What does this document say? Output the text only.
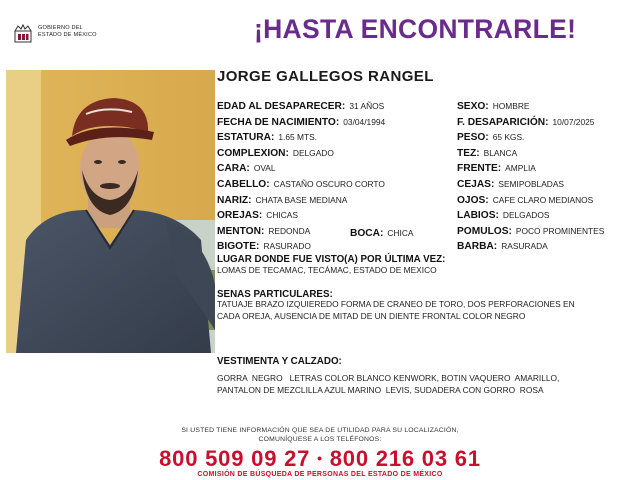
GOBIERNO DEL
ESTADO DE MÉXICO	¡HASTA ENCONTRARLE!
JORGE GALLEGOS RANGEL
EDAD AL DESAPARECER: 31 AÑOS
FECHA DE NACIMIENTO: 03/04/1994
ESTATURA: 1.65 MTS.
COMPLEXION: DELGADO
CARA: OVAL
CABELLO: CASTAÑO OSCURO CORTO
NARIZ: CHATA BASE MEDIANA
OREJAS: CHICAS
MENTON: REDONDA
BIGOTE: RASURADO
BOCA: CHICA
SEXO: HOMBRE
F. DESAPARICIÓN: 10/07/2025
PESO: 65 KGS.
TEZ: BLANCA
FRENTE: AMPLIA
CEJAS: SEMIPOBLADAS
OJOS: CAFE CLARO MEDIANOS
LABIOS: DELGADOS
POMULOS: POCO PROMINENTES
BARBA: RASURADA
LUGAR DONDE FUE VISTO(A) POR ÚLTIMA VEZ:
LOMAS DE TECAMAC, TECÁMAC, ESTADO DE MEXICO
SENAS PARTICULARES:
TATUAJE BRAZO IZQUIEREDO FORMA DE CRANEO DE TORO, DOS PERFORACIONES EN
CADA OREJA, AUSENCIA DE MITAD DE UN DIENTE FRONTAL COLOR NEGRO
VESTIMENTA Y CALZADO:
GORRA  NEGRO   LETRAS COLOR BLANCO KENWORK, BOTIN VAQUERO  AMARILLO,
PANTALON DE MEZCLILLA AZUL MARINO  LEVIS, SUDADERA CON GORRO  ROSA
SI USTED TIENE INFORMACIÓN QUE SEA DE UTILIDAD PARA SU LOCALIZACIÓN,
COMUNÍQUESE A LOS TELÉFONOS:
800 509 09 27 • 800 216 03 61
COMISIÓN DE BÚSQUEDA DE PERSONAS DEL ESTADO DE MÉXICO
